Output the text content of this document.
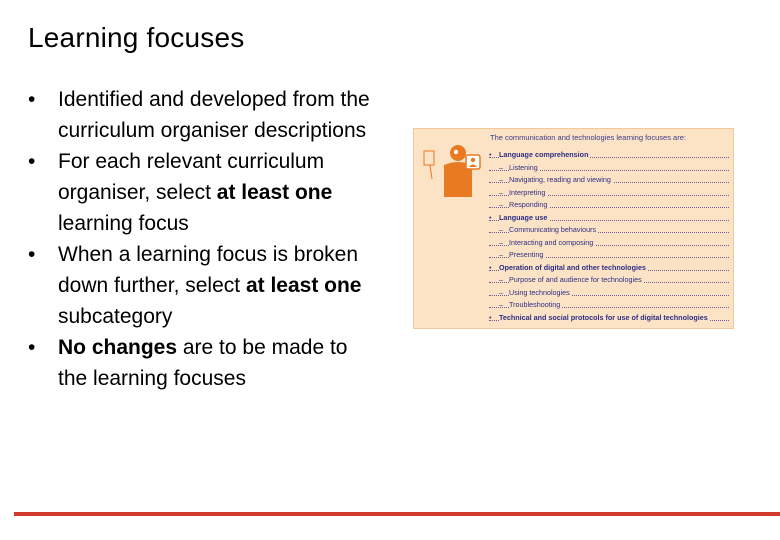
Learning focuses
• Identified and developed from the curriculum organiser descriptions
• For each relevant curriculum organiser, select at least one learning focus
• When a learning focus is broken down further, select at least one subcategory
• No changes are to be made to the learning focuses
The communication and technologies learning focuses are:
• Language comprehension
– Listening
– Navigating, reading and viewing
– Interpreting
– Responding
• Language use
– Communicating behaviours
– Interacting and composing
– Presenting
• Operation of digital and other technologies
– Purpose of and audience for technologies
– Using technologies
– Troubleshooting
• Technical and social protocols for use of digital technologies
